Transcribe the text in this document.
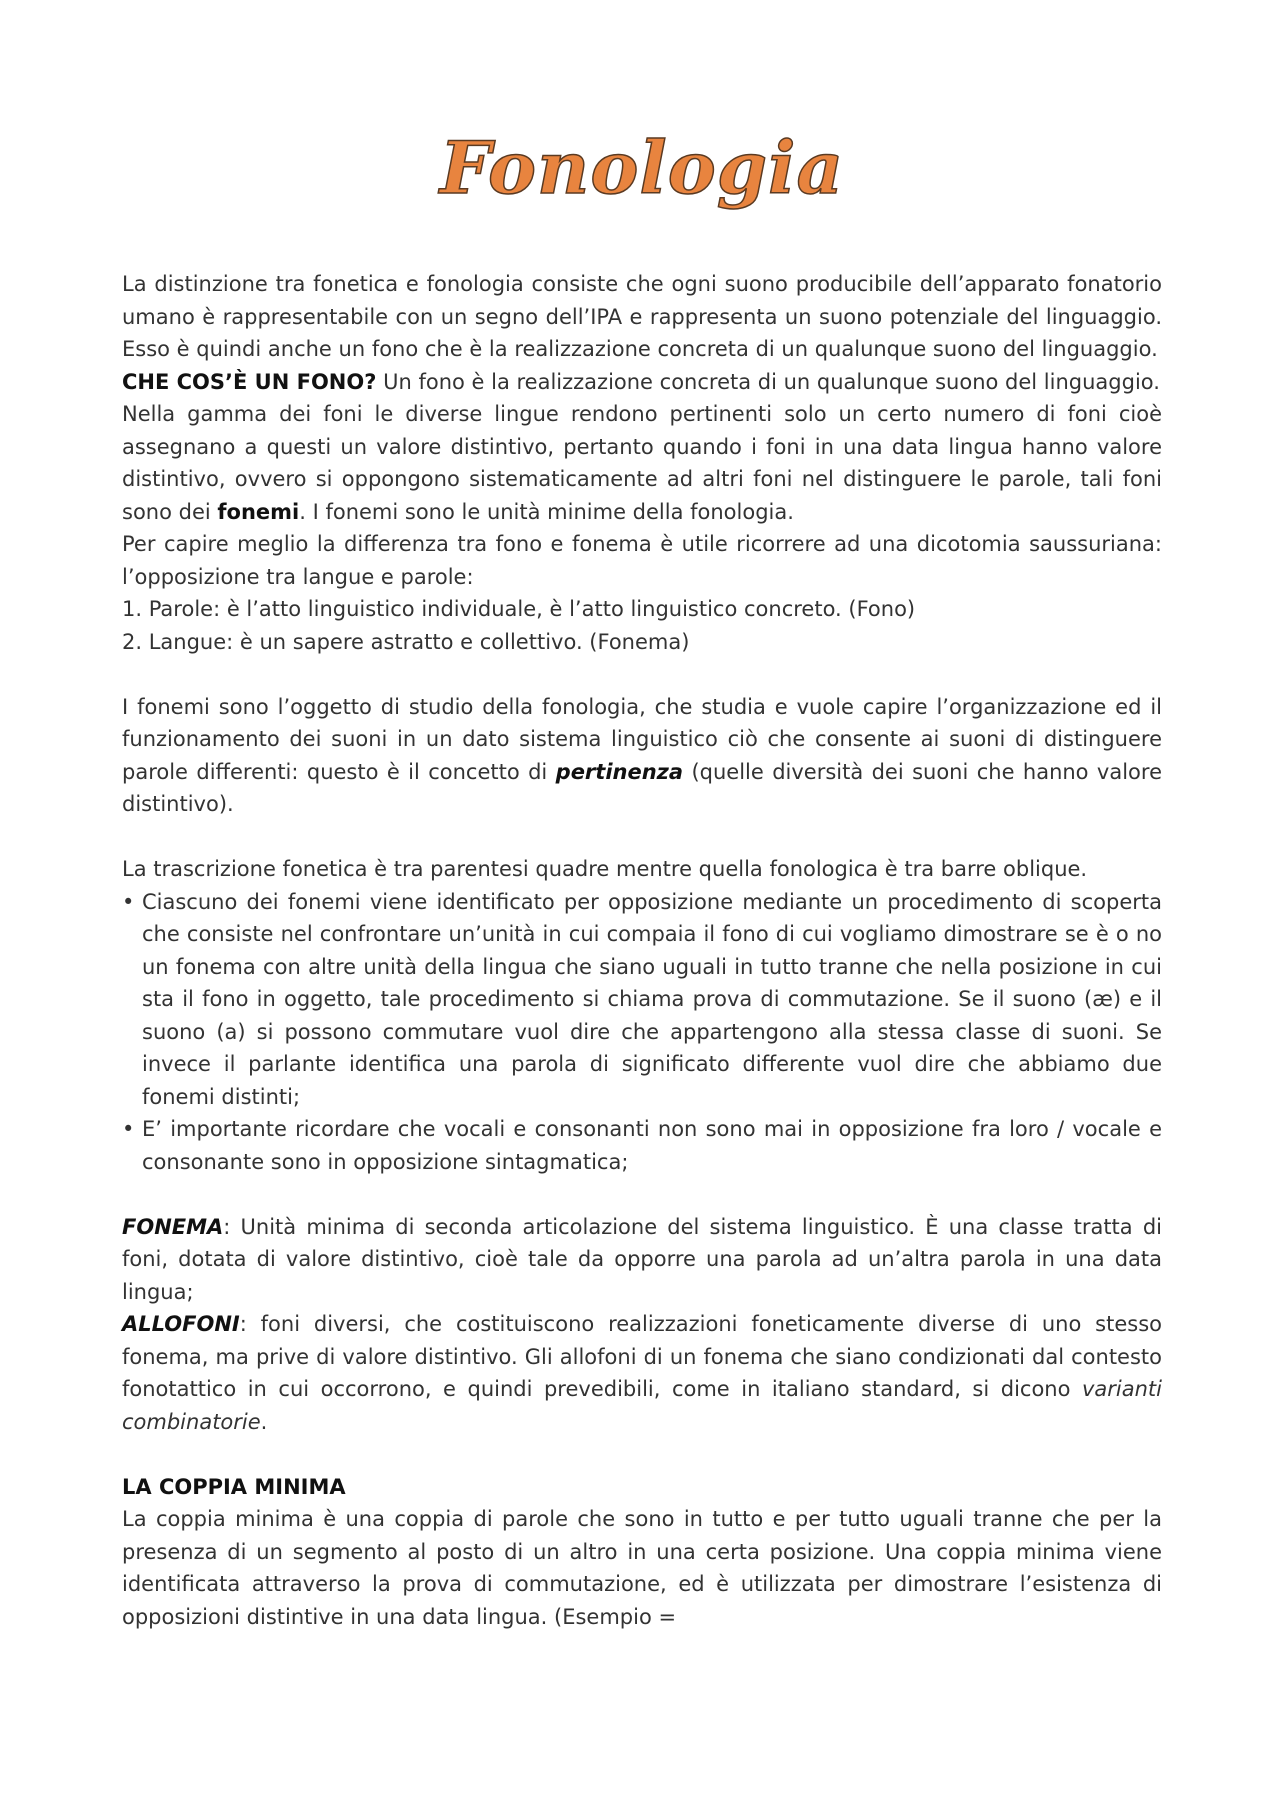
Fonologia

La distinzione tra fonetica e fonologia consiste che ogni suono producibile dell’apparato fonatorio umano è rappresentabile con un segno dell’IPA e rappresenta un suono potenziale del linguaggio. Esso è quindi anche un fono che è la realizzazione concreta di un qualunque suono del linguaggio.

CHE COS’È UN FONO? Un fono è la realizzazione concreta di un qualunque suono del linguaggio.

Nella gamma dei foni le diverse lingue rendono pertinenti solo un certo numero di foni cioè assegnano a questi un valore distintivo, pertanto quando i foni in una data lingua hanno valore distintivo, ovvero si oppongono sistematicamente ad altri foni nel distinguere le parole, tali foni sono dei fonemi. I fonemi sono le unità minime della fonologia.

Per capire meglio la differenza tra fono e fonema è utile ricorrere ad una dicotomia saussuriana: l’opposizione tra langue e parole:

1. Parole: è l’atto linguistico individuale, è l’atto linguistico concreto. (Fono)

2. Langue: è un sapere astratto e collettivo. (Fonema)

I fonemi sono l’oggetto di studio della fonologia, che studia e vuole capire l’organizzazione ed il funzionamento dei suoni in un dato sistema linguistico ciò che consente ai suoni di distinguere parole differenti: questo è il concetto di pertinenza (quelle diversità dei suoni che hanno valore distintivo).

La trascrizione fonetica è tra parentesi quadre mentre quella fonologica è tra barre oblique.

• Ciascuno dei fonemi viene identificato per opposizione mediante un procedimento di scoperta che consiste nel confrontare un’unità in cui compaia il fono di cui vogliamo dimostrare se è o no un fonema con altre unità della lingua che siano uguali in tutto tranne che nella posizione in cui sta il fono in oggetto, tale procedimento si chiama prova di commutazione. Se il suono (æ) e il suono (a) si possono commutare vuol dire che appartengono alla stessa classe di suoni. Se invece il parlante identifica una parola di significato differente vuol dire che abbiamo due fonemi distinti;
• E’ importante ricordare che vocali e consonanti non sono mai in opposizione fra loro / vocale e consonante sono in opposizione sintagmatica;

FONEMA: Unità minima di seconda articolazione del sistema linguistico. È una classe tratta di foni, dotata di valore distintivo, cioè tale da opporre una parola ad un’altra parola in una data lingua;

ALLOFONI: foni diversi, che costituiscono realizzazioni foneticamente diverse di uno stesso fonema, ma prive di valore distintivo. Gli allofoni di un fonema che siano condizionati dal contesto fonotattico in cui occorrono, e quindi prevedibili, come in italiano standard, si dicono varianti combinatorie.

LA COPPIA MINIMA

La coppia minima è una coppia di parole che sono in tutto e per tutto uguali tranne che per la presenza di un segmento al posto di un altro in una certa posizione. Una coppia minima viene identificata attraverso la prova di commutazione, ed è utilizzata per dimostrare l’esistenza di opposizioni distintive in una data lingua. (Esempio =
